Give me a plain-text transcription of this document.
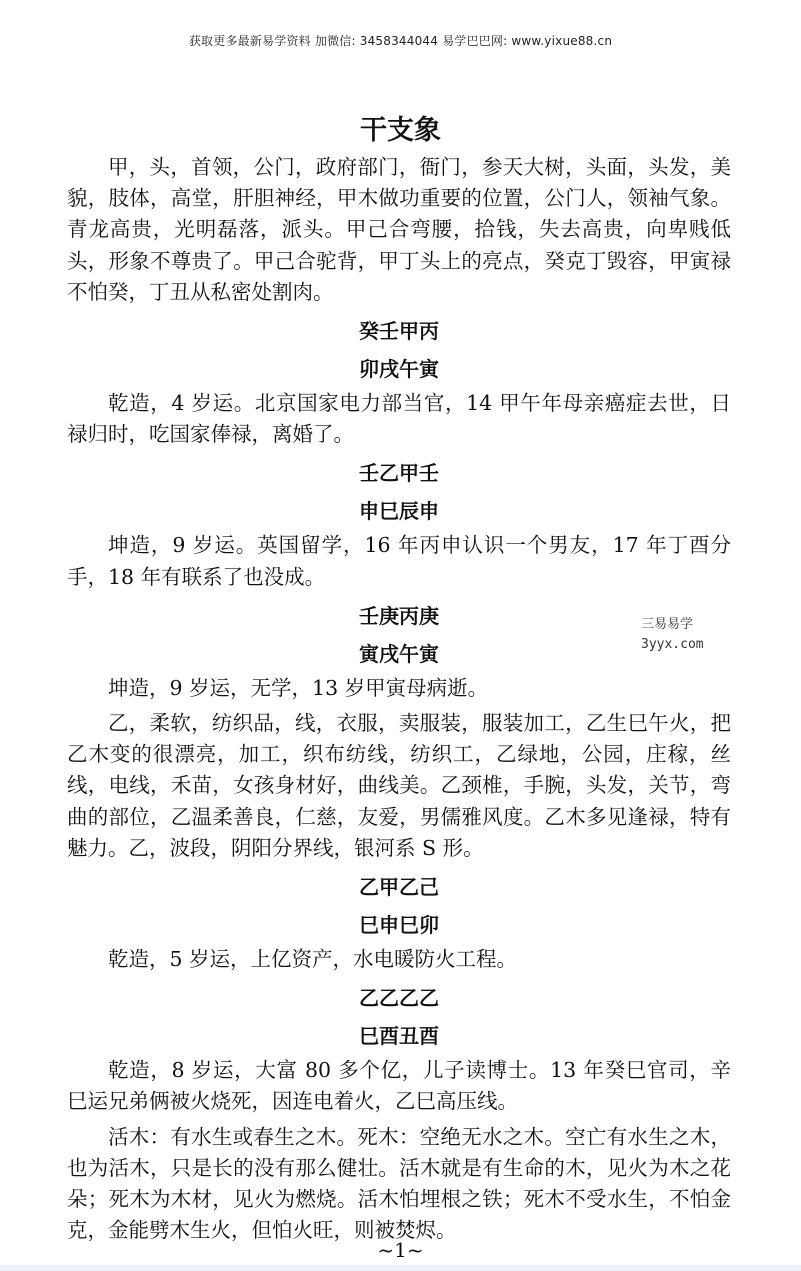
获取更多最新易学资料 加微信: 3458344044 易学巴巴网: www.yixue88.cn
干支象

甲，头，首领，公门，政府部门，衙门，参天大树，头面，头发，美貌，肢体，高堂，肝胆神经，甲木做功重要的位置，公门人，领袖气象。青龙高贵，光明磊落，派头。甲己合弯腰，拾钱，失去高贵，向卑贱低头，形象不尊贵了。甲己合驼背，甲丁头上的亮点，癸克丁毁容，甲寅禄不怕癸，丁丑从私密处割肉。

癸壬甲丙

卯戌午寅

乾造，4 岁运。北京国家电力部当官，14 甲午年母亲癌症去世，日禄归时，吃国家俸禄，离婚了。

壬乙甲壬

申巳辰申

坤造，9 岁运。英国留学，16 年丙申认识一个男友，17 年丁酉分手，18 年有联系了也没成。

壬庚丙庚

寅戌午寅

坤造，9 岁运，无学，13 岁甲寅母病逝。

乙，柔软，纺织品，线，衣服，卖服装，服装加工，乙生巳午火，把乙木变的很漂亮，加工，织布纺线，纺织工，乙绿地，公园，庄稼，丝线，电线，禾苗，女孩身材好，曲线美。乙颈椎，手腕，头发，关节，弯曲的部位，乙温柔善良，仁慈，友爱，男儒雅风度。乙木多见逢禄，特有魅力。乙，波段，阴阳分界线，银河系 S 形。

乙甲乙己

巳申巳卯

乾造，5 岁运，上亿资产，水电暖防火工程。

乙乙乙乙

巳酉丑酉

乾造，8 岁运，大富 80 多个亿，儿子读博士。13 年癸巳官司，辛巳运兄弟俩被火烧死，因连电着火，乙巳高压线。

活木：有水生或春生之木。死木：空绝无水之木。空亡有水生之木，也为活木，只是长的没有那么健壮。活木就是有生命的木，见火为木之花朵；死木为木材，见火为燃烧。活木怕埋根之铁；死木不受水生，不怕金克，金能劈木生火，但怕火旺，则被焚烬。

三易易学
3yyx.com
~1~
